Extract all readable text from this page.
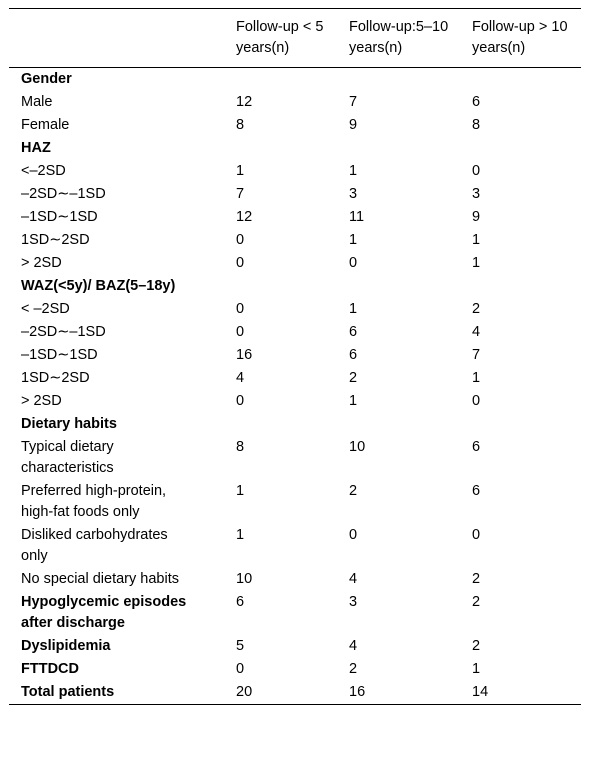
	Follow-up < 5 years(n)	Follow-up:5–10 years(n)	Follow-up > 10 years(n)
Gender			
Male	12	7	6
Female	8	9	8
HAZ			
<–2SD	1	1	0
–2SD∼–1SD	7	3	3
–1SD∼1SD	12	11	9
1SD∼2SD	0	1	1
> 2SD	0	0	1
WAZ(<5y)/ BAZ(5–18y)			
< –2SD	0	1	2
–2SD∼–1SD	0	6	4
–1SD∼1SD	16	6	7
1SD∼2SD	4	2	1
> 2SD	0	1	0
Dietary habits			
Typical dietary characteristics	8	10	6
Preferred high-protein, high-fat foods only	1	2	6
Disliked carbohydrates only	1	0	0
No special dietary habits	10	4	2
Hypoglycemic episodes after discharge	6	3	2
Dyslipidemia	5	4	2
FTTDCD	0	2	1
Total patients	20	16	14
